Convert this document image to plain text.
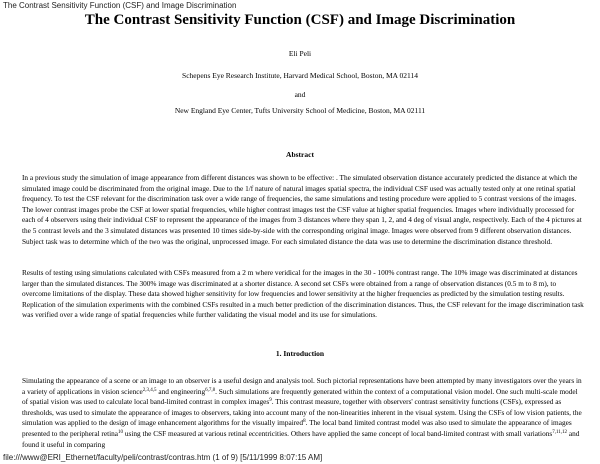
The Contrast Sensitivity Function (CSF) and Image Discrimination
The Contrast Sensitivity Function (CSF) and Image Discrimination
Eli Peli
Schepens Eye Research Institute, Harvard Medical School, Boston, MA 02114
and
New England Eye Center, Tufts University School of Medicine, Boston, MA 02111
Abstract

In a previous study the simulation of image appearance from different distances was shown to be effective: . The simulated observation distance accurately predicted the distance at which the simulated image could be discriminated from the original image. Due to the 1/f nature of natural images spatial spectra, the individual CSF used was actually tested only at one retinal spatial frequency. To test the CSF relevant for the discrimination task over a wide range of frequencies, the same simulations and testing procedure were applied to 5 contrast versions of the images. The lower contrast images probe the CSF at lower spatial frequencies, while higher contrast images test the CSF value at higher spatial frequencies. Images where individually processed for each of 4 observers using their individual CSF to represent the appearance of the images from 3 distances where they span 1, 2, and 4 deg of visual angle, respectively. Each of the 4 pictures at the 5 contrast levels and the 3 simulated distances was presented 10 times side-by-side with the corresponding original image. Images were observed from 9 different observation distances. Subject task was to determine which of the two was the original, unprocessed image. For each simulated distance the data was use to determine the discrimination distance threshold.

Results of testing using simulations calculated with CSFs measured from a 2 m where veridical for the images in the 30 - 100% contrast range. The 10% image was discriminated at distances larger than the simulated distances. The 300% image was discriminated at a shorter distance. A second set CSFs were obtained from a range of observation distances (0.5 m to 8 m), to overcome limitations of the display. These data showed higher sensitivity for low frequencies and lower sensitivity at the higher frequencies as predicted by the simulation testing results. Replication of the simulation experiments with the combined CSFs resulted in a much better prediction of the discrimination distances. Thus, the CSF relevant for the image discrimination task was verified over a wide range of spatial frequencies while further validating the visual model and its use for simulations.

1. Introduction

Simulating the appearance of a scene or an image to an observer is a useful design and analysis tool. Such pictorial representations have been attempted by many investigators over the years in a variety of applications in vision science$^{2,3,4,5}$ and engineering$^{6,7,8}$. Such simulations are frequently generated within the context of a computational vision model. One such multi-scale model of spatial vision was used to calculate local band-limited contrast in complex images$^9$. This contrast measure, together with observers' contrast sensitivity functions (CSFs), expressed as thresholds, was used to simulate the appearance of images to observers, taking into account many of the non-linearities inherent in the visual system. Using the CSFs of low vision patients, the simulation was applied to the design of image enhancement algorithms for the visually impaired$^8$. The local band limited contrast model was also used to simulate the appearance of images presented to the peripheral retina$^{10}$ using the CSF measured at various retinal eccentricities. Others have applied the same concept of local band-limited contrast with small variations$^{7,11,12}$ and found it useful in comparing

file:///www@ERI_Ethernet/faculty/peli/contrast/contras.htm (1 of 9) [5/11/1999 8:07:15 AM]
